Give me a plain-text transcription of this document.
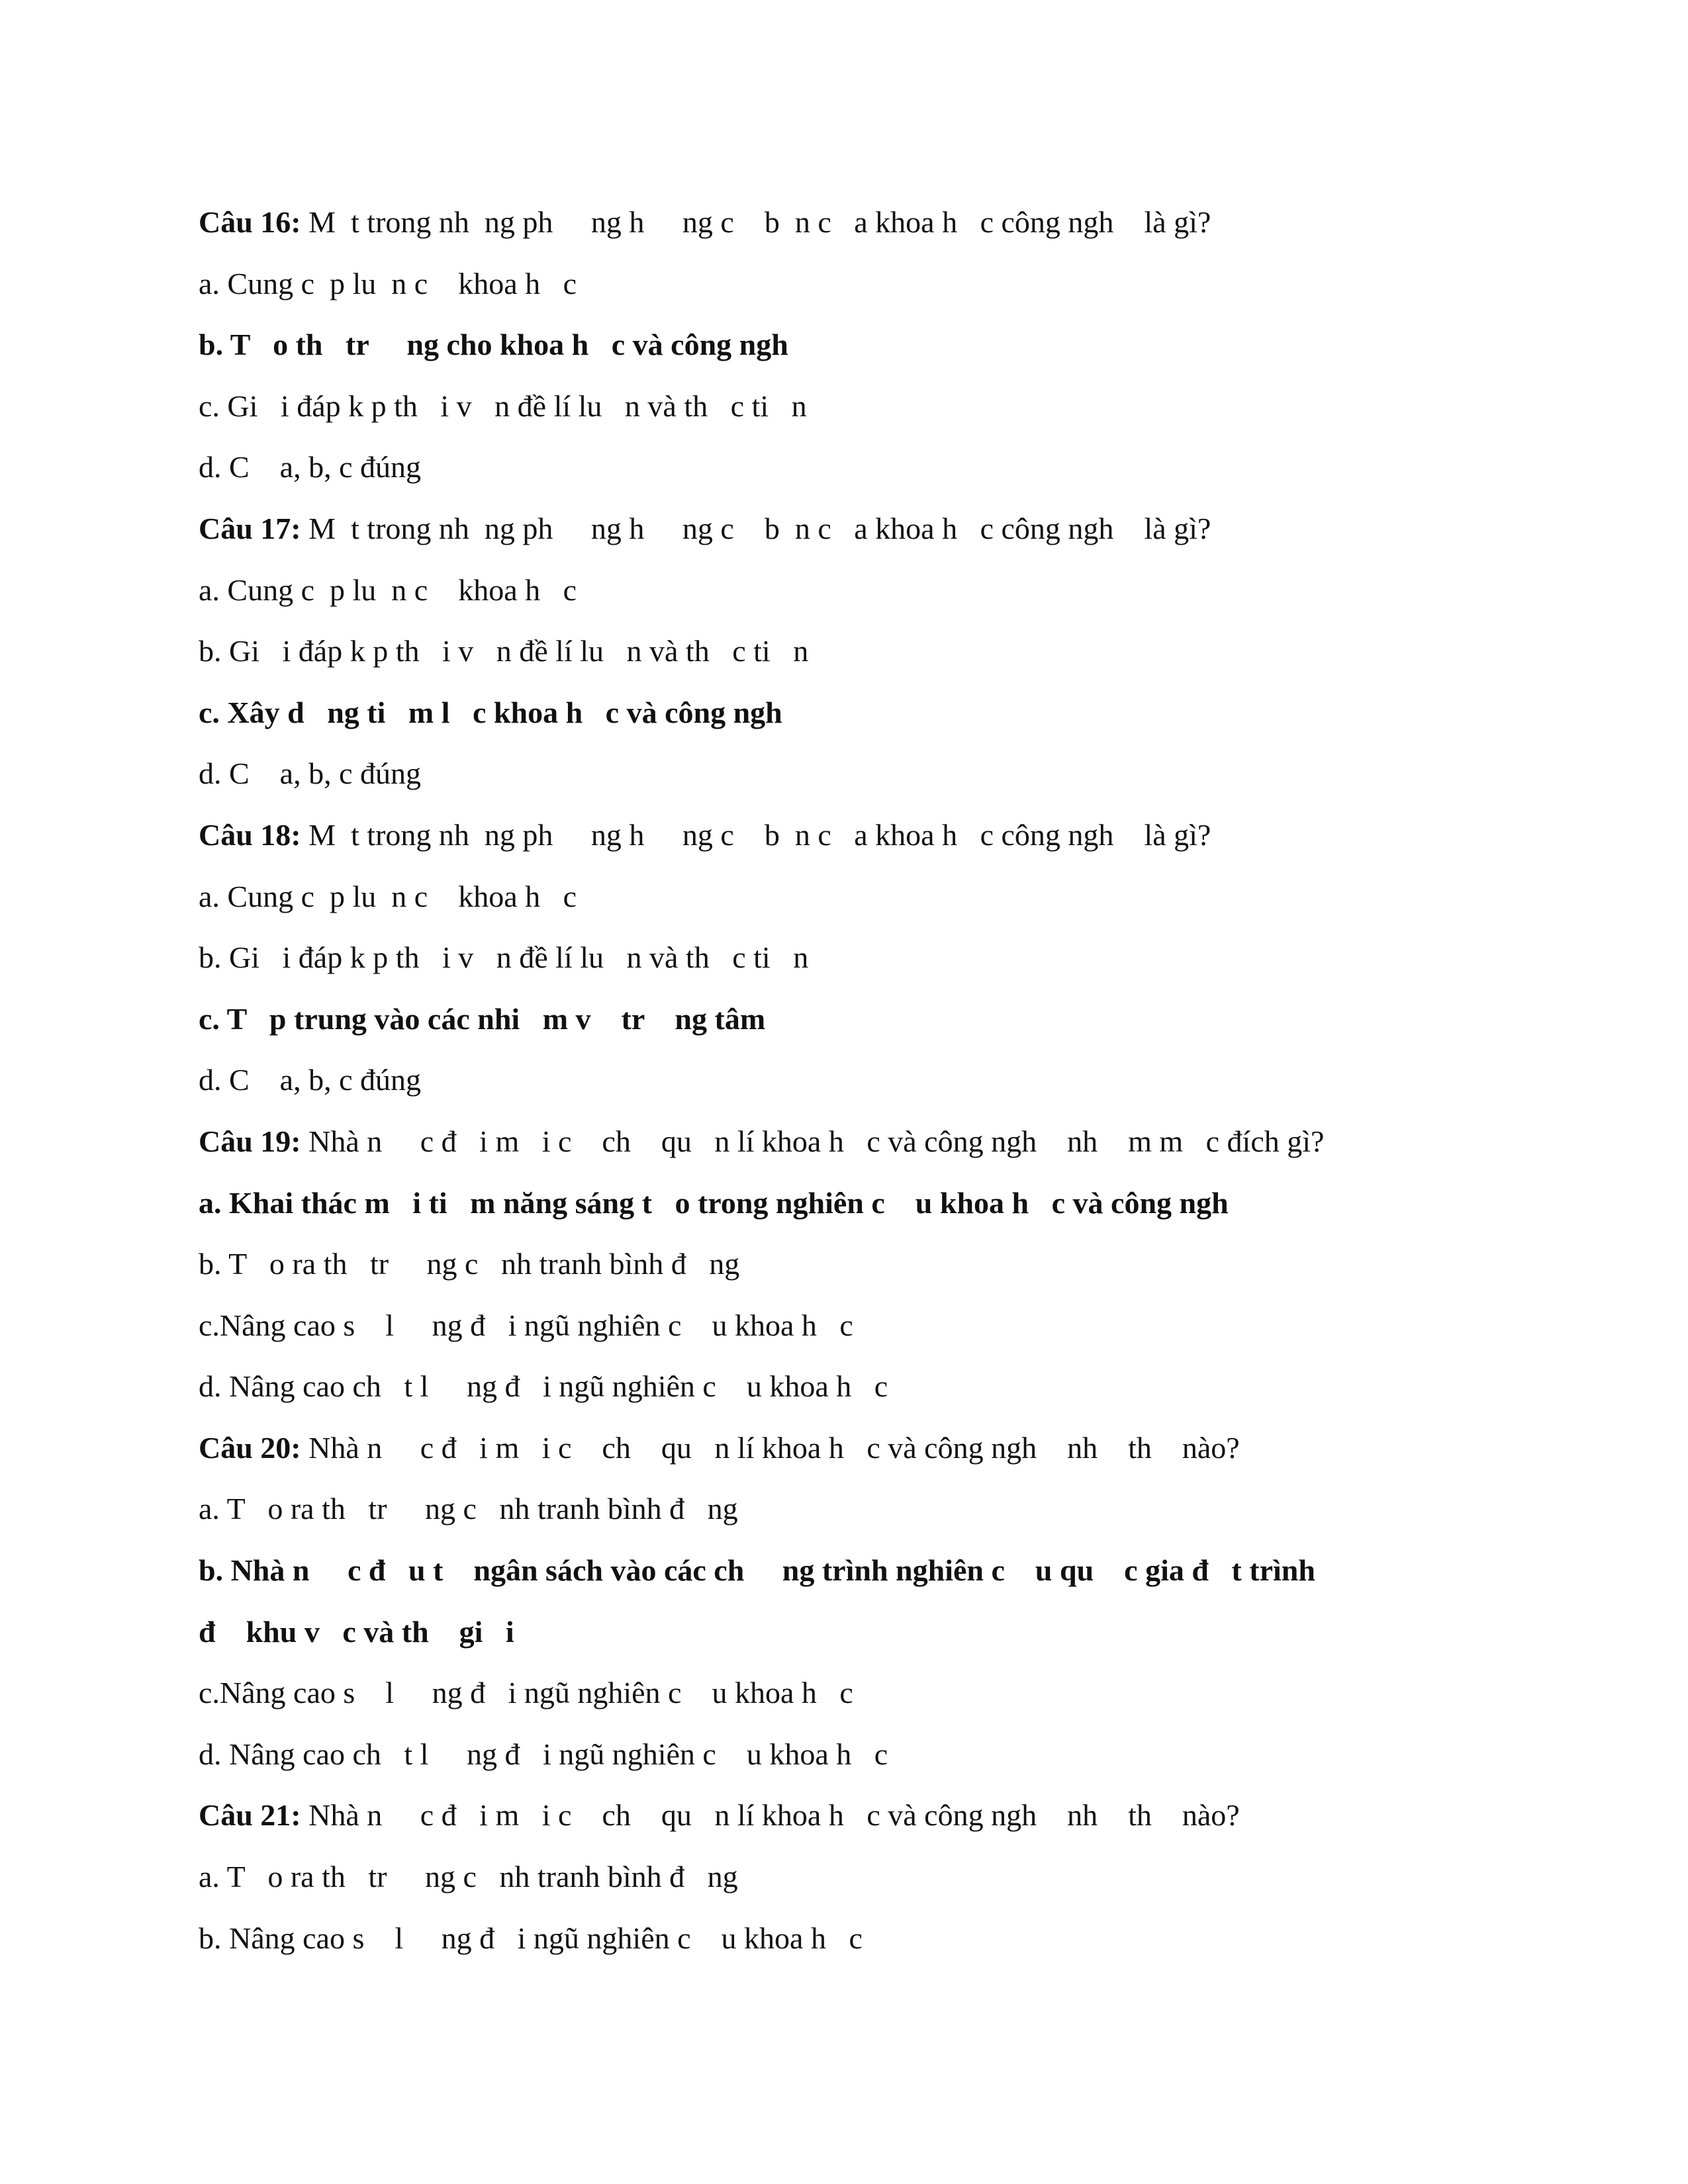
Câu 16: M  t trong nh  ng ph     ng h     ng c    b  n c   a khoa h   c công ngh    là gì?
a. Cung c  p lu  n c    khoa h   c
b. T   o th   tr     ng cho khoa h   c và công ngh
c. Gi   i đáp k p th   i v   n đề lí lu   n và th   c ti   n
d. C    a, b, c đúng
Câu 17: M  t trong nh  ng ph     ng h     ng c    b  n c   a khoa h   c công ngh    là gì?
a. Cung c  p lu  n c    khoa h   c
b. Gi   i đáp k p th   i v   n đề lí lu   n và th   c ti   n
c. Xây d   ng ti   m l   c khoa h   c và công ngh
d. C    a, b, c đúng
Câu 18: M  t trong nh  ng ph     ng h     ng c    b  n c   a khoa h   c công ngh    là gì?
a. Cung c  p lu  n c    khoa h   c
b. Gi   i đáp k p th   i v   n đề lí lu   n và th   c ti   n
c. T   p trung vào các nhi   m v    tr    ng tâm
d. C    a, b, c đúng
Câu 19: Nhà n     c đ   i m   i c    ch    qu   n lí khoa h   c và công ngh    nh    m m   c đích gì?
a. Khai thác m   i ti   m năng sáng t   o trong nghiên c    u khoa h   c và công ngh
b. T   o ra th   tr     ng c   nh tranh bình đ   ng
c.Nâng cao s    l     ng đ   i ngũ nghiên c    u khoa h   c
d. Nâng cao ch   t l     ng đ   i ngũ nghiên c    u khoa h   c
Câu 20: Nhà n     c đ   i m   i c    ch    qu   n lí khoa h   c và công ngh    nh    th    nào?
a. T   o ra th   tr     ng c   nh tranh bình đ   ng
b. Nhà n     c đ   u t    ngân sách vào các ch     ng trình nghiên c    u qu    c gia đ   t trình
đ    khu v   c và th    gi   i
c.Nâng cao s    l     ng đ   i ngũ nghiên c    u khoa h   c
d. Nâng cao ch   t l     ng đ   i ngũ nghiên c    u khoa h   c
Câu 21: Nhà n     c đ   i m   i c    ch    qu   n lí khoa h   c và công ngh    nh    th    nào?
a. T   o ra th   tr     ng c   nh tranh bình đ   ng
b. Nâng cao s    l     ng đ   i ngũ nghiên c    u khoa h   c
